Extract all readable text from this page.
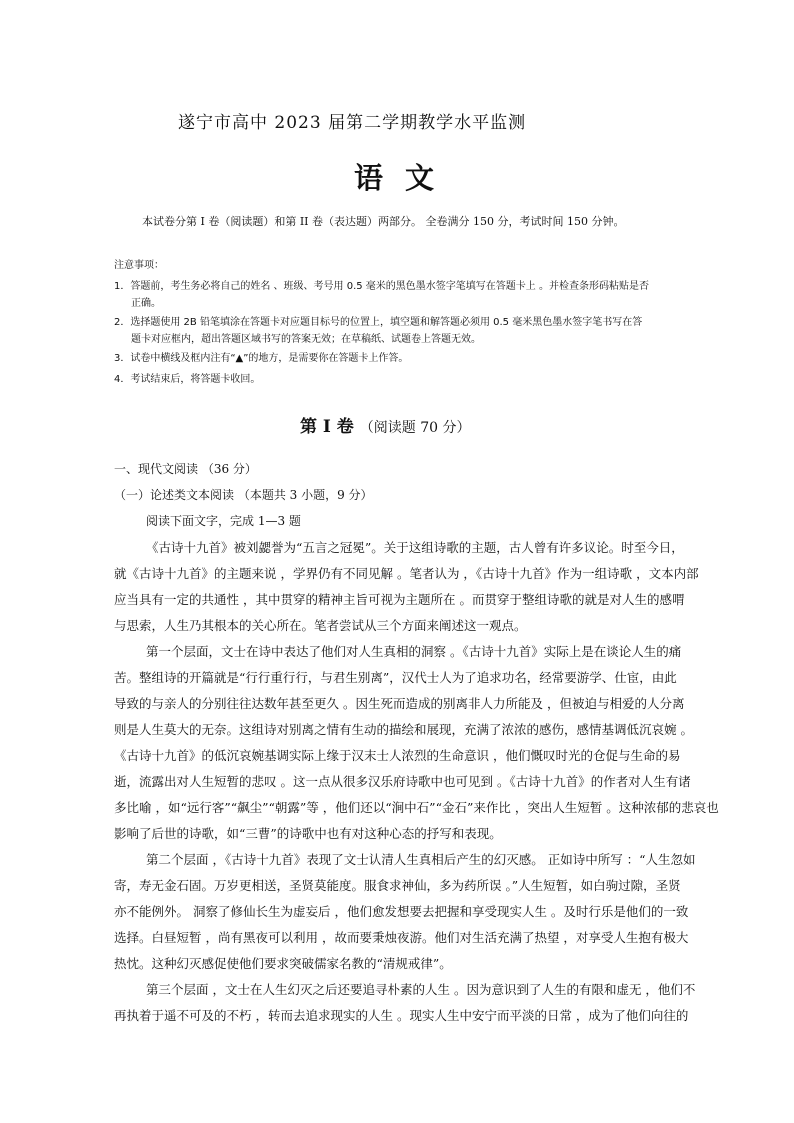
遂宁市高中 2023 届第二学期教学水平监测
语文
本试卷分第 I 卷（阅读题）和第 II 卷（表达题）两部分。 全卷满分 150 分，考试时间 150 分钟。
注意事项：
1．答题前，考生务必将自己的姓名 、班级、考号用 0.5 毫米的黑色墨水签字笔填写在答题卡上 。并检查条形码粘贴是否
正确。
2．选择题使用 2B 铅笔填涂在答题卡对应题目标号的位置上，填空题和解答题必须用 0.5 毫米黑色墨水签字笔书写在答
题卡对应框内，超出答题区域书写的答案无效；在草稿纸、试题卷上答题无效。
3．试卷中横线及框内注有“▲”的地方，是需要你在答题卡上作答。
4．考试结束后，将答题卡收回。
第 Ⅰ 卷 （阅读题 70 分）
一、现代文阅读 （36 分）
（一）论述类文本阅读 （本题共 3 小题，9 分）
阅读下面文字，完成 1—3 题
《古诗十九首》被刘勰誉为“五言之冠冕”。关于这组诗歌的主题，古人曾有许多议论。时至今日，
就《古诗十九首》的主题来说 ，学界仍有不同见解 。笔者认为 ，《古诗十九首》作为一组诗歌 ，文本内部
应当具有一定的共通性 ，其中贯穿的精神主旨可视为主题所在 。而贯穿于整组诗歌的就是对人生的感喟
与思索，人生乃其根本的关心所在。笔者尝试从三个方面来阐述这一观点。
第一个层面，文士在诗中表达了他们对人生真相的洞察 。《古诗十九首》实际上是在谈论人生的痛
苦。整组诗的开篇就是“行行重行行，与君生别离”，汉代士人为了追求功名，经常要游学、仕宦，由此
导致的与亲人的分别往往达数年甚至更久 。因生死而造成的别离非人力所能及 ，但被迫与相爱的人分离
则是人生莫大的无奈。这组诗对别离之情有生动的描绘和展现，充满了浓浓的感伤，感情基调低沉哀婉 。
《古诗十九首》的低沉哀婉基调实际上缘于汉末士人浓烈的生命意识 ，他们慨叹时光的仓促与生命的易
逝，流露出对人生短暂的悲叹 。这一点从很多汉乐府诗歌中也可见到 。《古诗十九首》的作者对人生有诸
多比喻 ，如“远行客”“飙尘”“朝露”等 ，他们还以“涧中石”“金石”来作比 ，突出人生短暂 。这种浓郁的悲哀也
影响了后世的诗歌，如“三曹”的诗歌中也有对这种心态的抒写和表现。
第二个层面 ，《古诗十九首》表现了文士认清人生真相后产生的幻灭感。 正如诗中所写 ：“人生忽如
寄，寿无金石固。万岁更相送，圣贤莫能度。服食求神仙，多为药所误 。”人生短暂，如白驹过隙，圣贤
亦不能例外。 洞察了修仙长生为虚妄后 ，他们愈发想要去把握和享受现实人生 。及时行乐是他们的一致
选择。白昼短暂 ，尚有黑夜可以利用 ，故而要秉烛夜游。他们对生活充满了热望 ，对享受人生抱有极大
热忱。这种幻灭感促使他们要求突破儒家名教的“清规戒律”。
第三个层面 ，文士在人生幻灭之后还要追寻朴素的人生 。因为意识到了人生的有限和虚无 ，他们不
再执着于遥不可及的不朽 ，转而去追求现实的人生 。现实人生中安宁而平淡的日常 ，成为了他们向往的
